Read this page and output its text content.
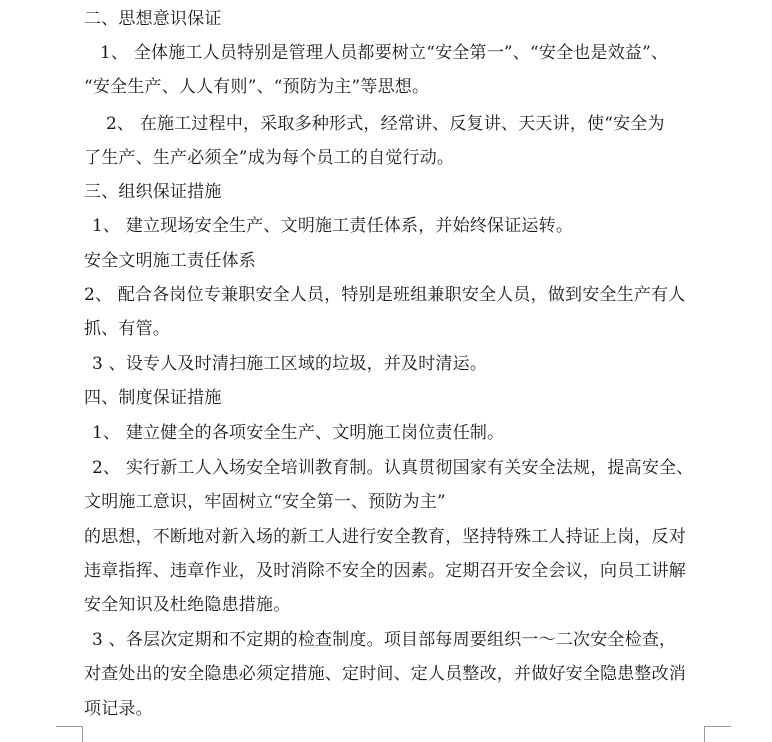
二、思想意识保证
1、 全体施工人员特别是管理人员都要树立“安全第一”、“安全也是效益”、
“安全生产、人人有则”、“预防为主”等思想。
2、 在施工过程中，采取多种形式，经常讲、反复讲、天天讲，使“安全为
了生产、生产必须全”成为每个员工的自觉行动。
三、组织保证措施
1、 建立现场安全生产、文明施工责任体系，并始终保证运转。
安全文明施工责任体系
2、 配合各岗位专兼职安全人员，特别是班组兼职安全人员，做到安全生产有人
抓、有管。
3 、设专人及时清扫施工区域的垃圾，并及时清运。
四、制度保证措施
1、 建立健全的各项安全生产、文明施工岗位责任制。
2、 实行新工人入场安全培训教育制。认真贯彻国家有关安全法规，提高安全、
文明施工意识，牢固树立“安全第一、预防为主”
的思想，不断地对新入场的新工人进行安全教育，坚持特殊工人持证上岗，反对
违章指挥、违章作业，及时消除不安全的因素。定期召开安全会议，向员工讲解
安全知识及杜绝隐患措施。
3 、各层次定期和不定期的检查制度。项目部每周要组织一～二次安全检查，
对查处出的安全隐患必须定措施、定时间、定人员整改，并做好安全隐患整改消
项记录。
